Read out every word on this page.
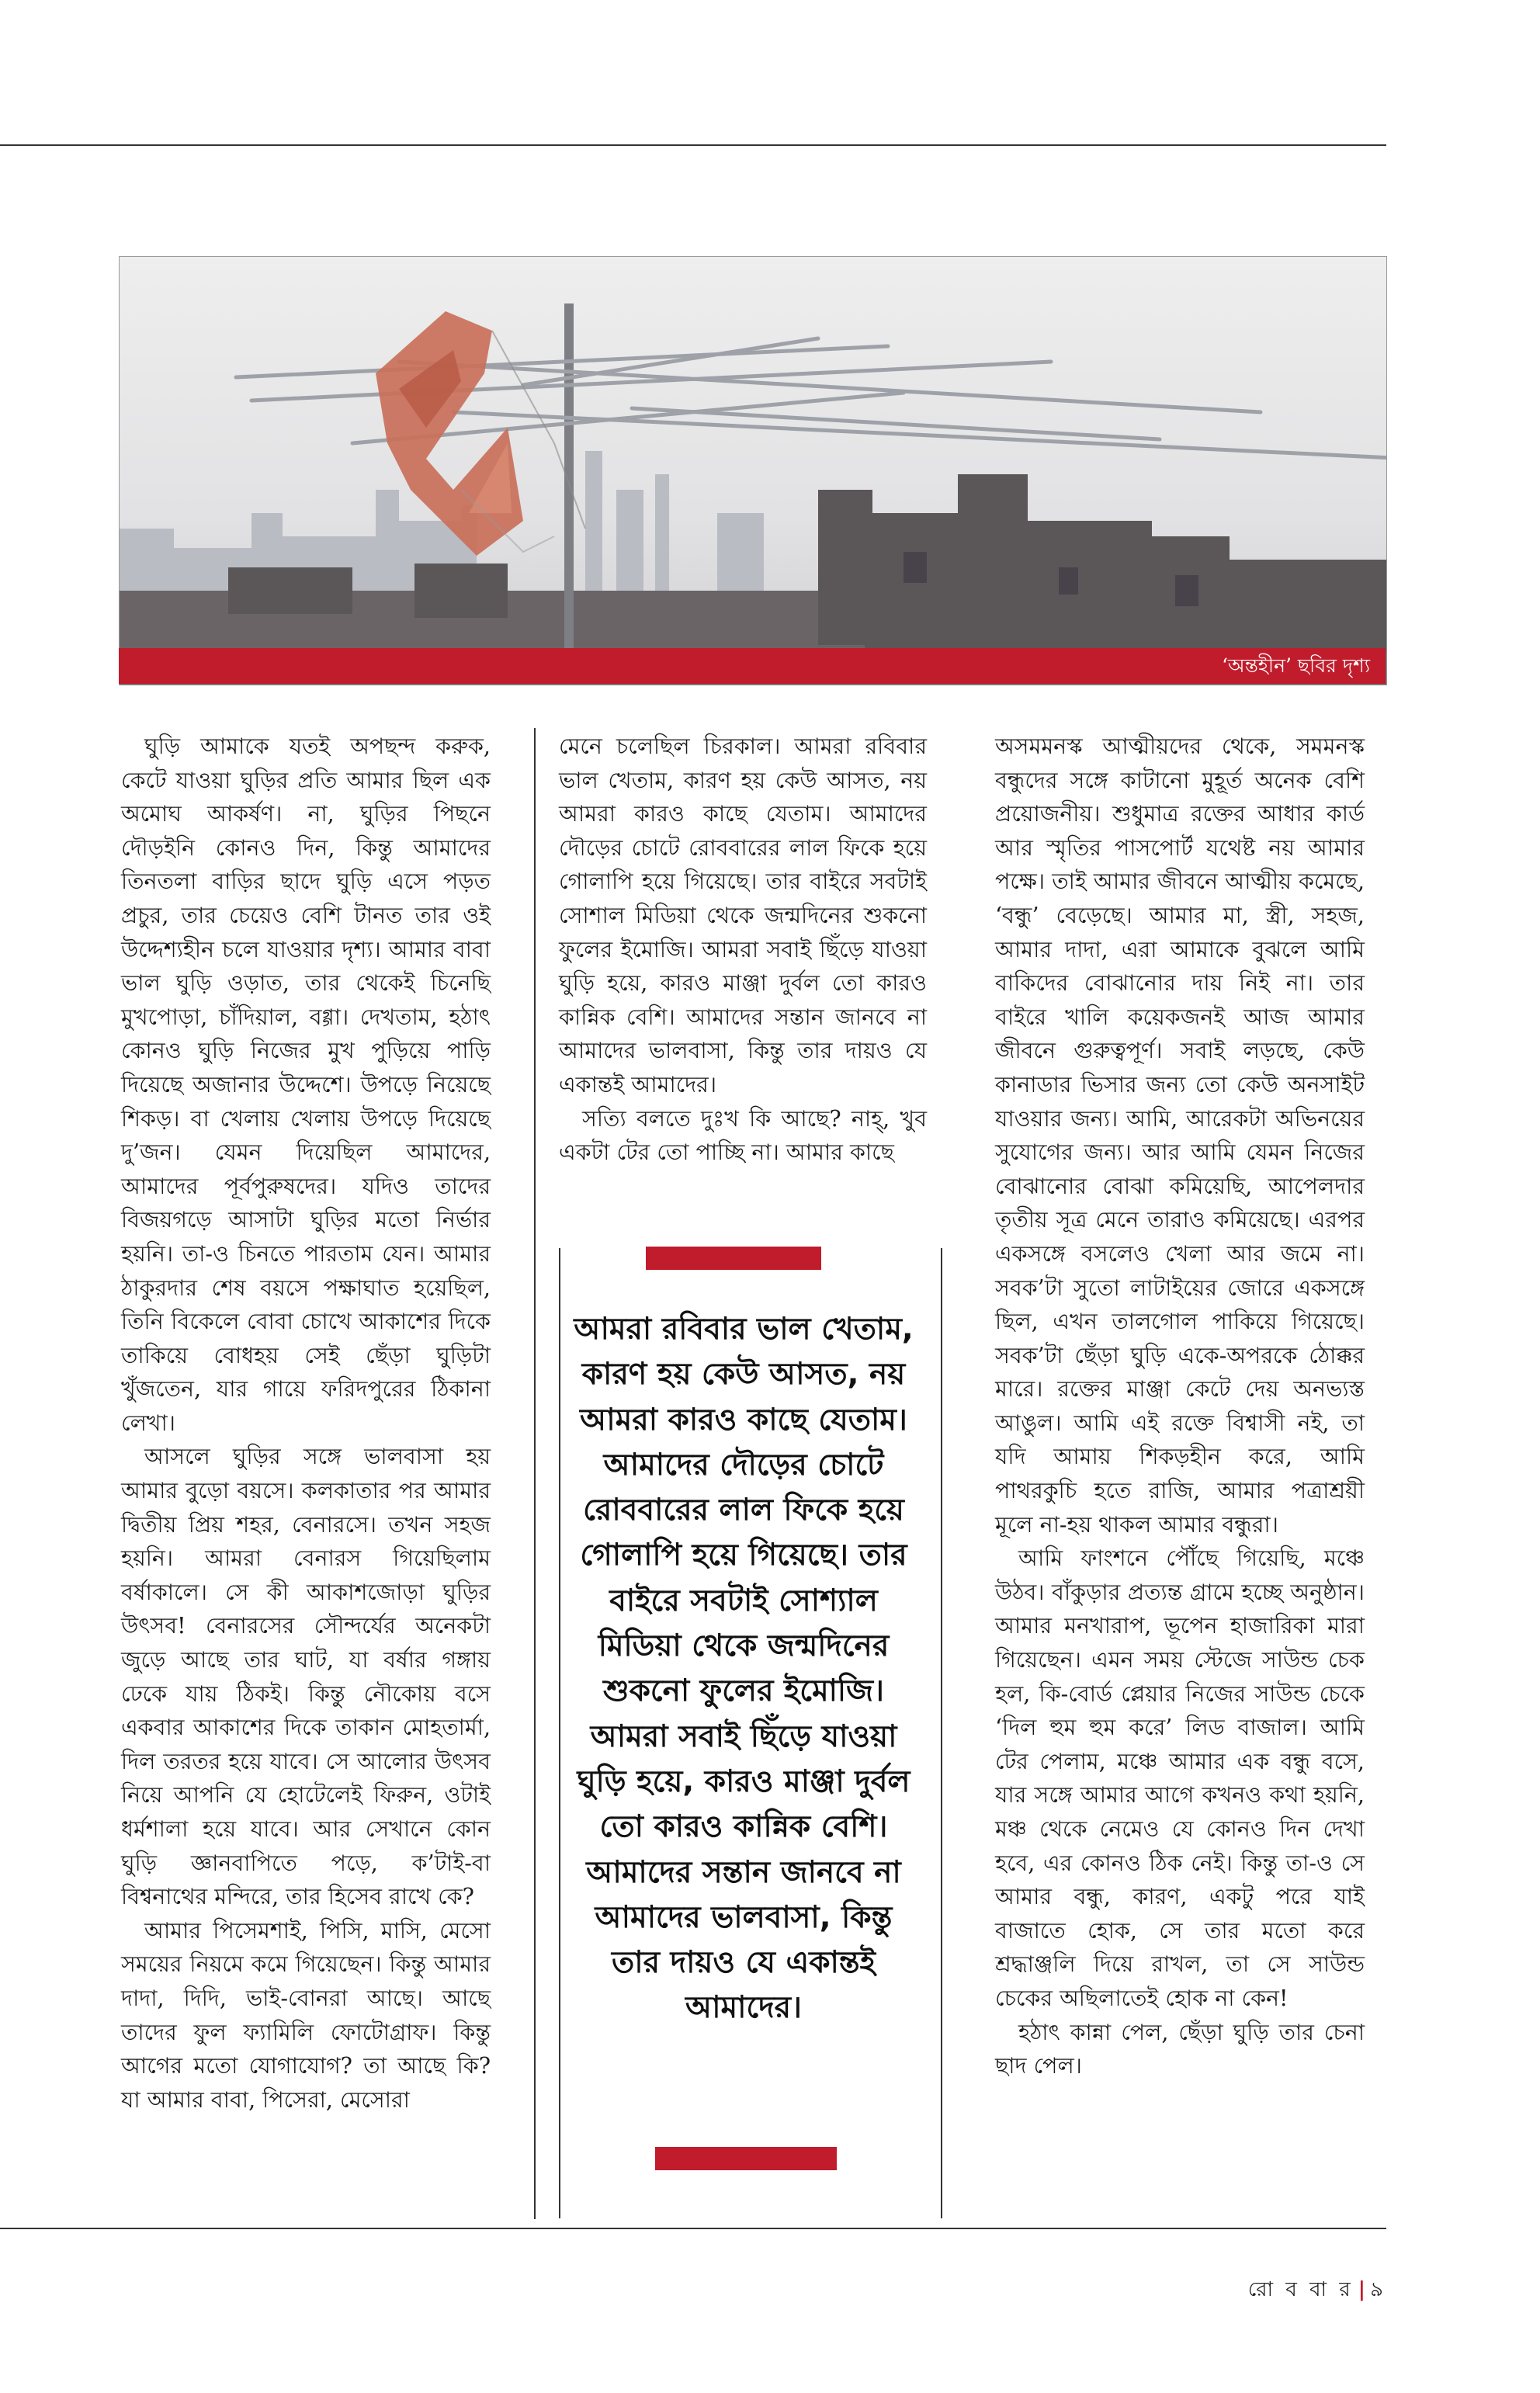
‘অন্তহীন’ ছবির দৃশ্য

ঘুড়ি আমাকে যতই অপছন্দ করুক, কেটে যাওয়া ঘুড়ির প্রতি আমার ছিল এক অমোঘ আকর্ষণ। না, ঘুড়ির পিছনে দৌড়ইনি কোনও দিন, কিন্তু আমাদের তিনতলা বাড়ির ছাদে ঘুড়ি এসে পড়ত প্রচুর, তার চেয়েও বেশি টানত তার ওই উদ্দেশ্যহীন চলে যাওয়ার দৃশ্য। আমার বাবা ভাল ঘুড়ি ওড়াত, তার থেকেই চিনেছি মুখপোড়া, চাঁদিয়াল, বগ্গা। দেখতাম, হঠাৎ কোনও ঘুড়ি নিজের মুখ পুড়িয়ে পাড়ি দিয়েছে অজানার উদ্দেশে। উপড়ে নিয়েছে শিকড়। বা খেলায় খেলায় উপড়ে দিয়েছে দু’জন। যেমন দিয়েছিল আমাদের, আমাদের পূর্বপুরুষদের। যদিও তাদের বিজয়গড়ে আসাটা ঘুড়ির মতো নির্ভার হয়নি। তা-ও চিনতে পারতাম যেন। আমার ঠাকুরদার শেষ বয়সে পক্ষাঘাত হয়েছিল, তিনি বিকেলে বোবা চোখে আকাশের দিকে তাকিয়ে বোধহয় সেই ছেঁড়া ঘুড়িটা খুঁজতেন, যার গায়ে ফরিদপুরের ঠিকানা লেখা।

আসলে ঘুড়ির সঙ্গে ভালবাসা হয় আমার বুড়ো বয়সে। কলকাতার পর আমার দ্বিতীয় প্রিয় শহর, বেনারসে। তখন সহজ হয়নি। আমরা বেনারস গিয়েছিলাম বর্ষাকালে। সে কী আকাশজোড়া ঘুড়ির উৎসব! বেনারসের সৌন্দর্যের অনেকটা জুড়ে আছে তার ঘাট, যা বর্ষার গঙ্গায় ঢেকে যায় ঠিকই। কিন্তু নৌকোয় বসে একবার আকাশের দিকে তাকান মোহতার্মা, দিল তরতর হয়ে যাবে। সে আলোর উৎসব নিয়ে আপনি যে হোটেলেই ফিরুন, ওটাই ধর্মশালা হয়ে যাবে। আর সেখানে কোন ঘুড়ি জ্ঞানবাপিতে পড়ে, ক’টাই-বা বিশ্বনাথের মন্দিরে, তার হিসেব রাখে কে?

আমার পিসেমশাই, পিসি, মাসি, মেসো সময়ের নিয়মে কমে গিয়েছেন। কিন্তু আমার দাদা, দিদি, ভাই-বোনরা আছে। আছে তাদের ফুল ফ্যামিলি ফোটোগ্রাফ। কিন্তু আগের মতো যোগাযোগ? তা আছে কি? যা আমার বাবা, পিসেরা, মেসোরা

মেনে চলেছিল চিরকাল। আমরা রবিবার ভাল খেতাম, কারণ হয় কেউ আসত, নয় আমরা কারও কাছে যেতাম। আমাদের দৌড়ের চোটে রোববারের লাল ফিকে হয়ে গোলাপি হয়ে গিয়েছে। তার বাইরে সবটাই সোশাল মিডিয়া থেকে জন্মদিনের শুকনো ফুলের ইমোজি। আমরা সবাই ছিঁড়ে যাওয়া ঘুড়ি হয়ে, কারও মাঞ্জা দুর্বল তো কারও কান্নিক বেশি। আমাদের সন্তান জানবে না আমাদের ভালবাসা, কিন্তু তার দায়ও যে একান্তই আমাদের।

সত্যি বলতে দুঃখ কি আছে? নাহ্, খুব একটা টের তো পাচ্ছি না। আমার কাছে

আমরা রবিবার ভাল খেতাম, কারণ হয় কেউ আসত, নয় আমরা কারও কাছে যেতাম। আমাদের দৌড়ের চোটে রোববারের লাল ফিকে হয়ে গোলাপি হয়ে গিয়েছে। তার বাইরে সবটাই সোশ্যাল মিডিয়া থেকে জন্মদিনের শুকনো ফুলের ইমোজি। আমরা সবাই ছিঁড়ে যাওয়া ঘুড়ি হয়ে, কারও মাঞ্জা দুর্বল তো কারও কান্নিক বেশি। আমাদের সন্তান জানবে না আমাদের ভালবাসা, কিন্তু তার দায়ও যে একান্তই আমাদের।

অসমমনস্ক আত্মীয়দের থেকে, সমমনস্ক বন্ধুদের সঙ্গে কাটানো মুহূর্ত অনেক বেশি প্রয়োজনীয়। শুধুমাত্র রক্তের আধার কার্ড আর স্মৃতির পাসপোর্ট যথেষ্ট নয় আমার পক্ষে। তাই আমার জীবনে আত্মীয় কমেছে, ‘বন্ধু’ বেড়েছে। আমার মা, স্ত্রী, সহজ, আমার দাদা, এরা আমাকে বুঝলে আমি বাকিদের বোঝানোর দায় নিই না। তার বাইরে খালি কয়েকজনই আজ আমার জীবনে গুরুত্বপূর্ণ। সবাই লড়ছে, কেউ কানাডার ভিসার জন্য তো কেউ অনসাইট যাওয়ার জন্য। আমি, আরেকটা অভিনয়ের সুযোগের জন্য। আর আমি যেমন নিজের বোঝানোর বোঝা কমিয়েছি, আপেলদার তৃতীয় সূত্র মেনে তারাও কমিয়েছে। এরপর একসঙ্গে বসলেও খেলা আর জমে না। সবক’টা সুতো লাটাইয়ের জোরে একসঙ্গে ছিল, এখন তালগোল পাকিয়ে গিয়েছে। সবক’টা ছেঁড়া ঘুড়ি একে-অপরকে ঠোক্কর মারে। রক্তের মাঞ্জা কেটে দেয় অনভ্যস্ত আঙুল। আমি এই রক্তে বিশ্বাসী নই, তা যদি আমায় শিকড়হীন করে, আমি পাথরকুচি হতে রাজি, আমার পত্রাশ্রয়ী মূলে না-হয় থাকল আমার বন্ধুরা।

আমি ফাংশনে পৌঁছে গিয়েছি, মঞ্চে উঠব। বাঁকুড়ার প্রত্যন্ত গ্রামে হচ্ছে অনুষ্ঠান। আমার মনখারাপ, ভূপেন হাজারিকা মারা গিয়েছেন। এমন সময় স্টেজে সাউন্ড চেক হল, কি-বোর্ড প্লেয়ার নিজের সাউন্ড চেকে ‘দিল হুম হুম করে’ লিড বাজাল। আমি টের পেলাম, মঞ্চে আমার এক বন্ধু বসে, যার সঙ্গে আমার আগে কখনও কথা হয়নি, মঞ্চ থেকে নেমেও যে কোনও দিন দেখা হবে, এর কোনও ঠিক নেই। কিন্তু তা-ও সে আমার বন্ধু, কারণ, একটু পরে যাই বাজাতে হোক, সে তার মতো করে শ্রদ্ধাঞ্জলি দিয়ে রাখল, তা সে সাউন্ড চেকের অছিলাতেই হোক না কেন!

হঠাৎ কান্না পেল, ছেঁড়া ঘুড়ি তার চেনা ছাদ পেল।

রো ব বা র | ৯
